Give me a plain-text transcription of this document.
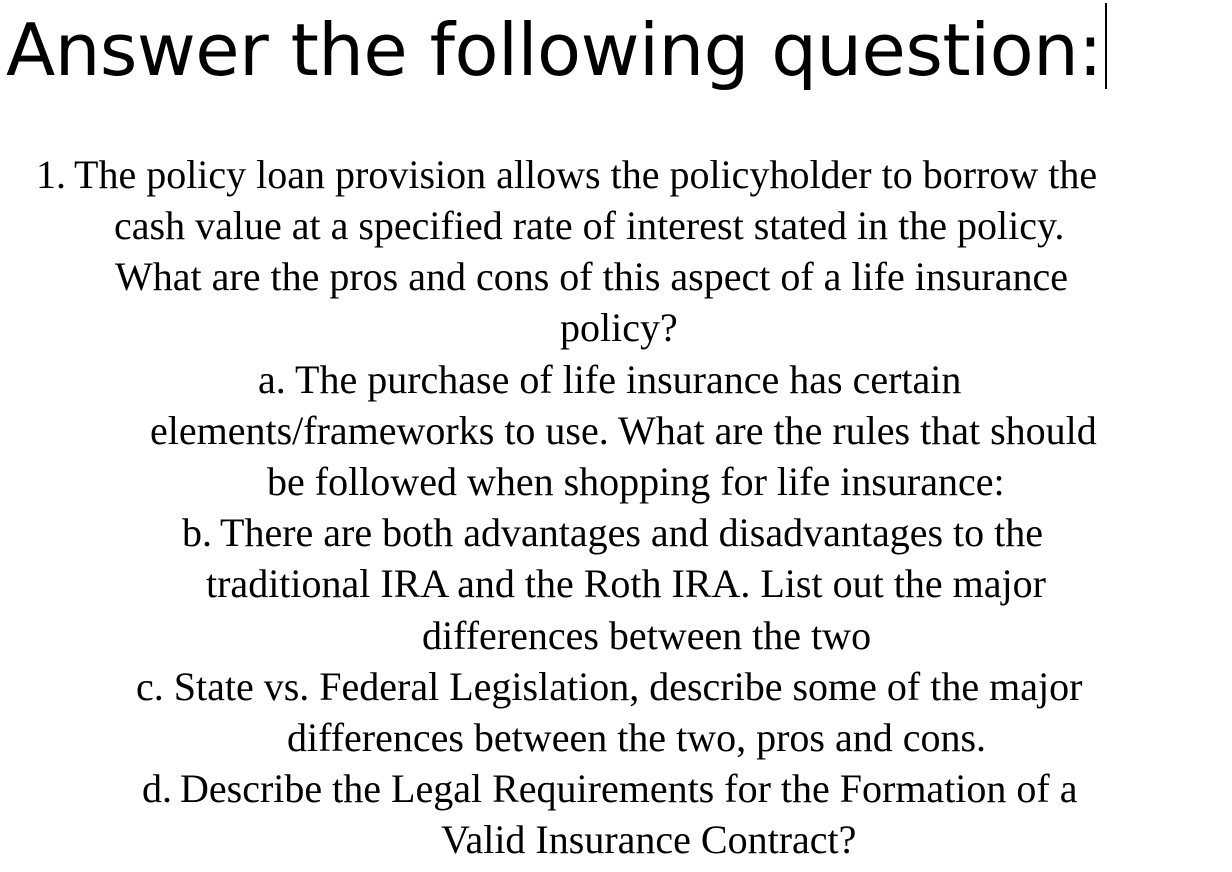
Answer the following question:

1. The policy loan provision allows the policyholder to borrow the

cash value at a specified rate of interest stated in the policy.

What are the pros and cons of this aspect of a life insurance

policy?

a. The purchase of life insurance has certain

elements/frameworks to use. What are the rules that should

be followed when shopping for life insurance:

b. There are both advantages and disadvantages to the

traditional IRA and the Roth IRA. List out the major

differences between the two

c. State vs. Federal Legislation, describe some of the major

differences between the two, pros and cons.

d. Describe the Legal Requirements for the Formation of a

Valid Insurance Contract?
